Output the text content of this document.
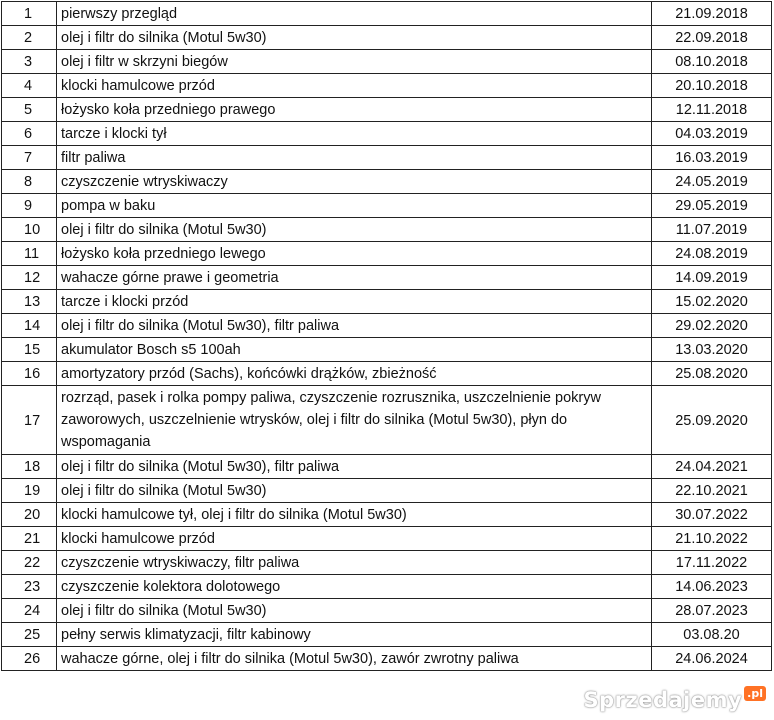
1	pierwszy przegląd	21.09.2018
2	olej i filtr do silnika (Motul 5w30)	22.09.2018
3	olej i filtr w skrzyni biegów	08.10.2018
4	klocki hamulcowe przód	20.10.2018
5	łożysko koła przedniego prawego	12.11.2018
6	tarcze i klocki tył	04.03.2019
7	filtr paliwa	16.03.2019
8	czyszczenie wtryskiwaczy	24.05.2019
9	pompa w baku	29.05.2019
10	olej i filtr do silnika (Motul 5w30)	11.07.2019
11	łożysko koła przedniego lewego	24.08.2019
12	wahacze górne prawe i geometria	14.09.2019
13	tarcze i klocki przód	15.02.2020
14	olej i filtr do silnika (Motul 5w30), filtr paliwa	29.02.2020
15	akumulator Bosch s5 100ah	13.03.2020
16	amortyzatory przód (Sachs), końcówki drążków, zbieżność	25.08.2020
17	rozrząd, pasek i rolka pompy paliwa, czyszczenie rozrusznika, uszczelnienie pokryw zaworowych, uszczelnienie wtrysków, olej i filtr do silnika (Motul 5w30), płyn do wspomagania	25.09.2020
18	olej i filtr do silnika (Motul 5w30), filtr paliwa	24.04.2021
19	olej i filtr do silnika (Motul 5w30)	22.10.2021
20	klocki hamulcowe tył, olej i filtr do silnika (Motul 5w30)	30.07.2022
21	klocki hamulcowe przód	21.10.2022
22	czyszczenie wtryskiwaczy, filtr paliwa	17.11.2022
23	czyszczenie kolektora dolotowego	14.06.2023
24	olej i filtr do silnika (Motul 5w30)	28.07.2023
25	pełny serwis klimatyzacji, filtr kabinowy	03.08.20
26	wahacze górne, olej i filtr do silnika (Motul 5w30), zawór zwrotny paliwa	24.06.2024
Sprzedajemy .pl
